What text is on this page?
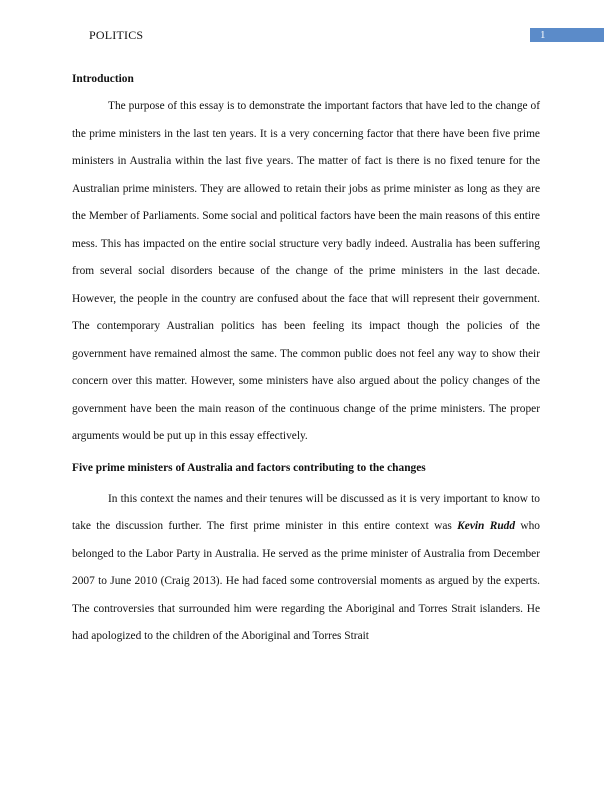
POLITICS	1

Introduction

The purpose of this essay is to demonstrate the important factors that have led to the change of the prime ministers in the last ten years. It is a very concerning factor that there have been five prime ministers in Australia within the last five years. The matter of fact is there is no fixed tenure for the Australian prime ministers. They are allowed to retain their jobs as prime minister as long as they are the Member of Parliaments. Some social and political factors have been the main reasons of this entire mess. This has impacted on the entire social structure very badly indeed. Australia has been suffering from several social disorders because of the change of the prime ministers in the last decade. However, the people in the country are confused about the face that will represent their government. The contemporary Australian politics has been feeling its impact though the policies of the government have remained almost the same. The common public does not feel any way to show their concern over this matter. However, some ministers have also argued about the policy changes of the government have been the main reason of the continuous change of the prime ministers. The proper arguments would be put up in this essay effectively.

Five prime ministers of Australia and factors contributing to the changes

In this context the names and their tenures will be discussed as it is very important to know to take the discussion further. The first prime minister in this entire context was Kevin Rudd who belonged to the Labor Party in Australia. He served as the prime minister of Australia from December 2007 to June 2010 (Craig 2013). He had faced some controversial moments as argued by the experts. The controversies that surrounded him were regarding the Aboriginal and Torres Strait islanders. He had apologized to the children of the Aboriginal and Torres Strait
